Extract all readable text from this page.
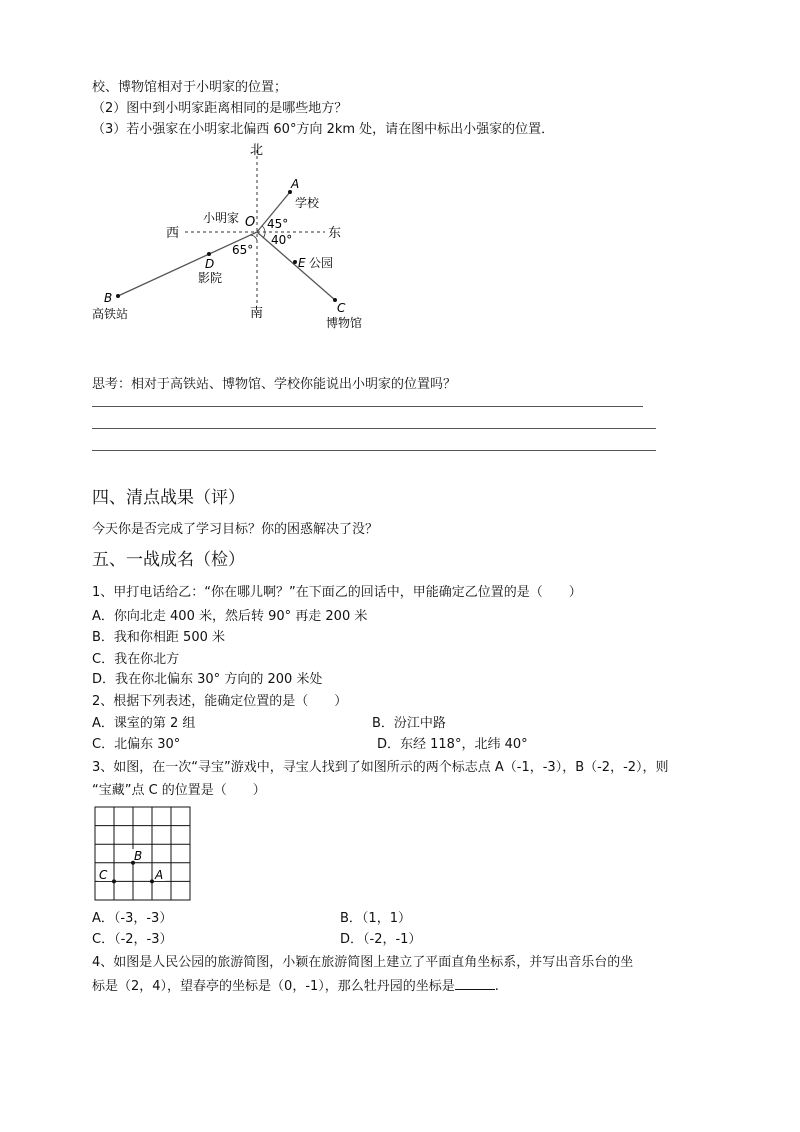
校、博物馆相对于小明家的位置；
（2）图中到小明家距离相同的是哪些地方？
（3）若小强家在小明家北偏西 60°方向 2km 处，请在图中标出小强家的位置．
北
南
西	东
O
小明家 45°
40°
65°
A
学校
B
高铁站	C
博物馆
D
影院
E 公园
思考：相对于高铁站、博物馆、学校你能说出小明家的位置吗？
四、清点战果（评）
今天你是否完成了学习目标？你的困惑解决了没？
五、一战成名（检）
1、甲打电话给乙：“你在哪儿啊？”在下面乙的回话中，甲能确定乙位置的是（　　）
A．你向北走 400 米，然后转 90° 再走 200 米
B．我和你相距 500 米
C．我在你北方
D．我在你北偏东 30° 方向的 200 米处
2、根据下列表述，能确定位置的是（　　）
A．课室的第 2 组	B．汾江中路
C．北偏东 30°	D．东经 118°，北纬 40°
3、如图，在一次“寻宝”游戏中，寻宝人找到了如图所示的两个标志点 A（-1，-3），B（-2，-2），则
“宝藏”点 C 的位置是（　　）
B
C	A
A．（-3，-3）	B．（1，1）
C．（-2，-3）	D．（-2，-1）
4、如图是人民公园的旅游简图，小颖在旅游简图上建立了平面直角坐标系，并写出音乐台的坐
标是（2，4），望春亭的坐标是（0，-1），那么牡丹园的坐标是	.
